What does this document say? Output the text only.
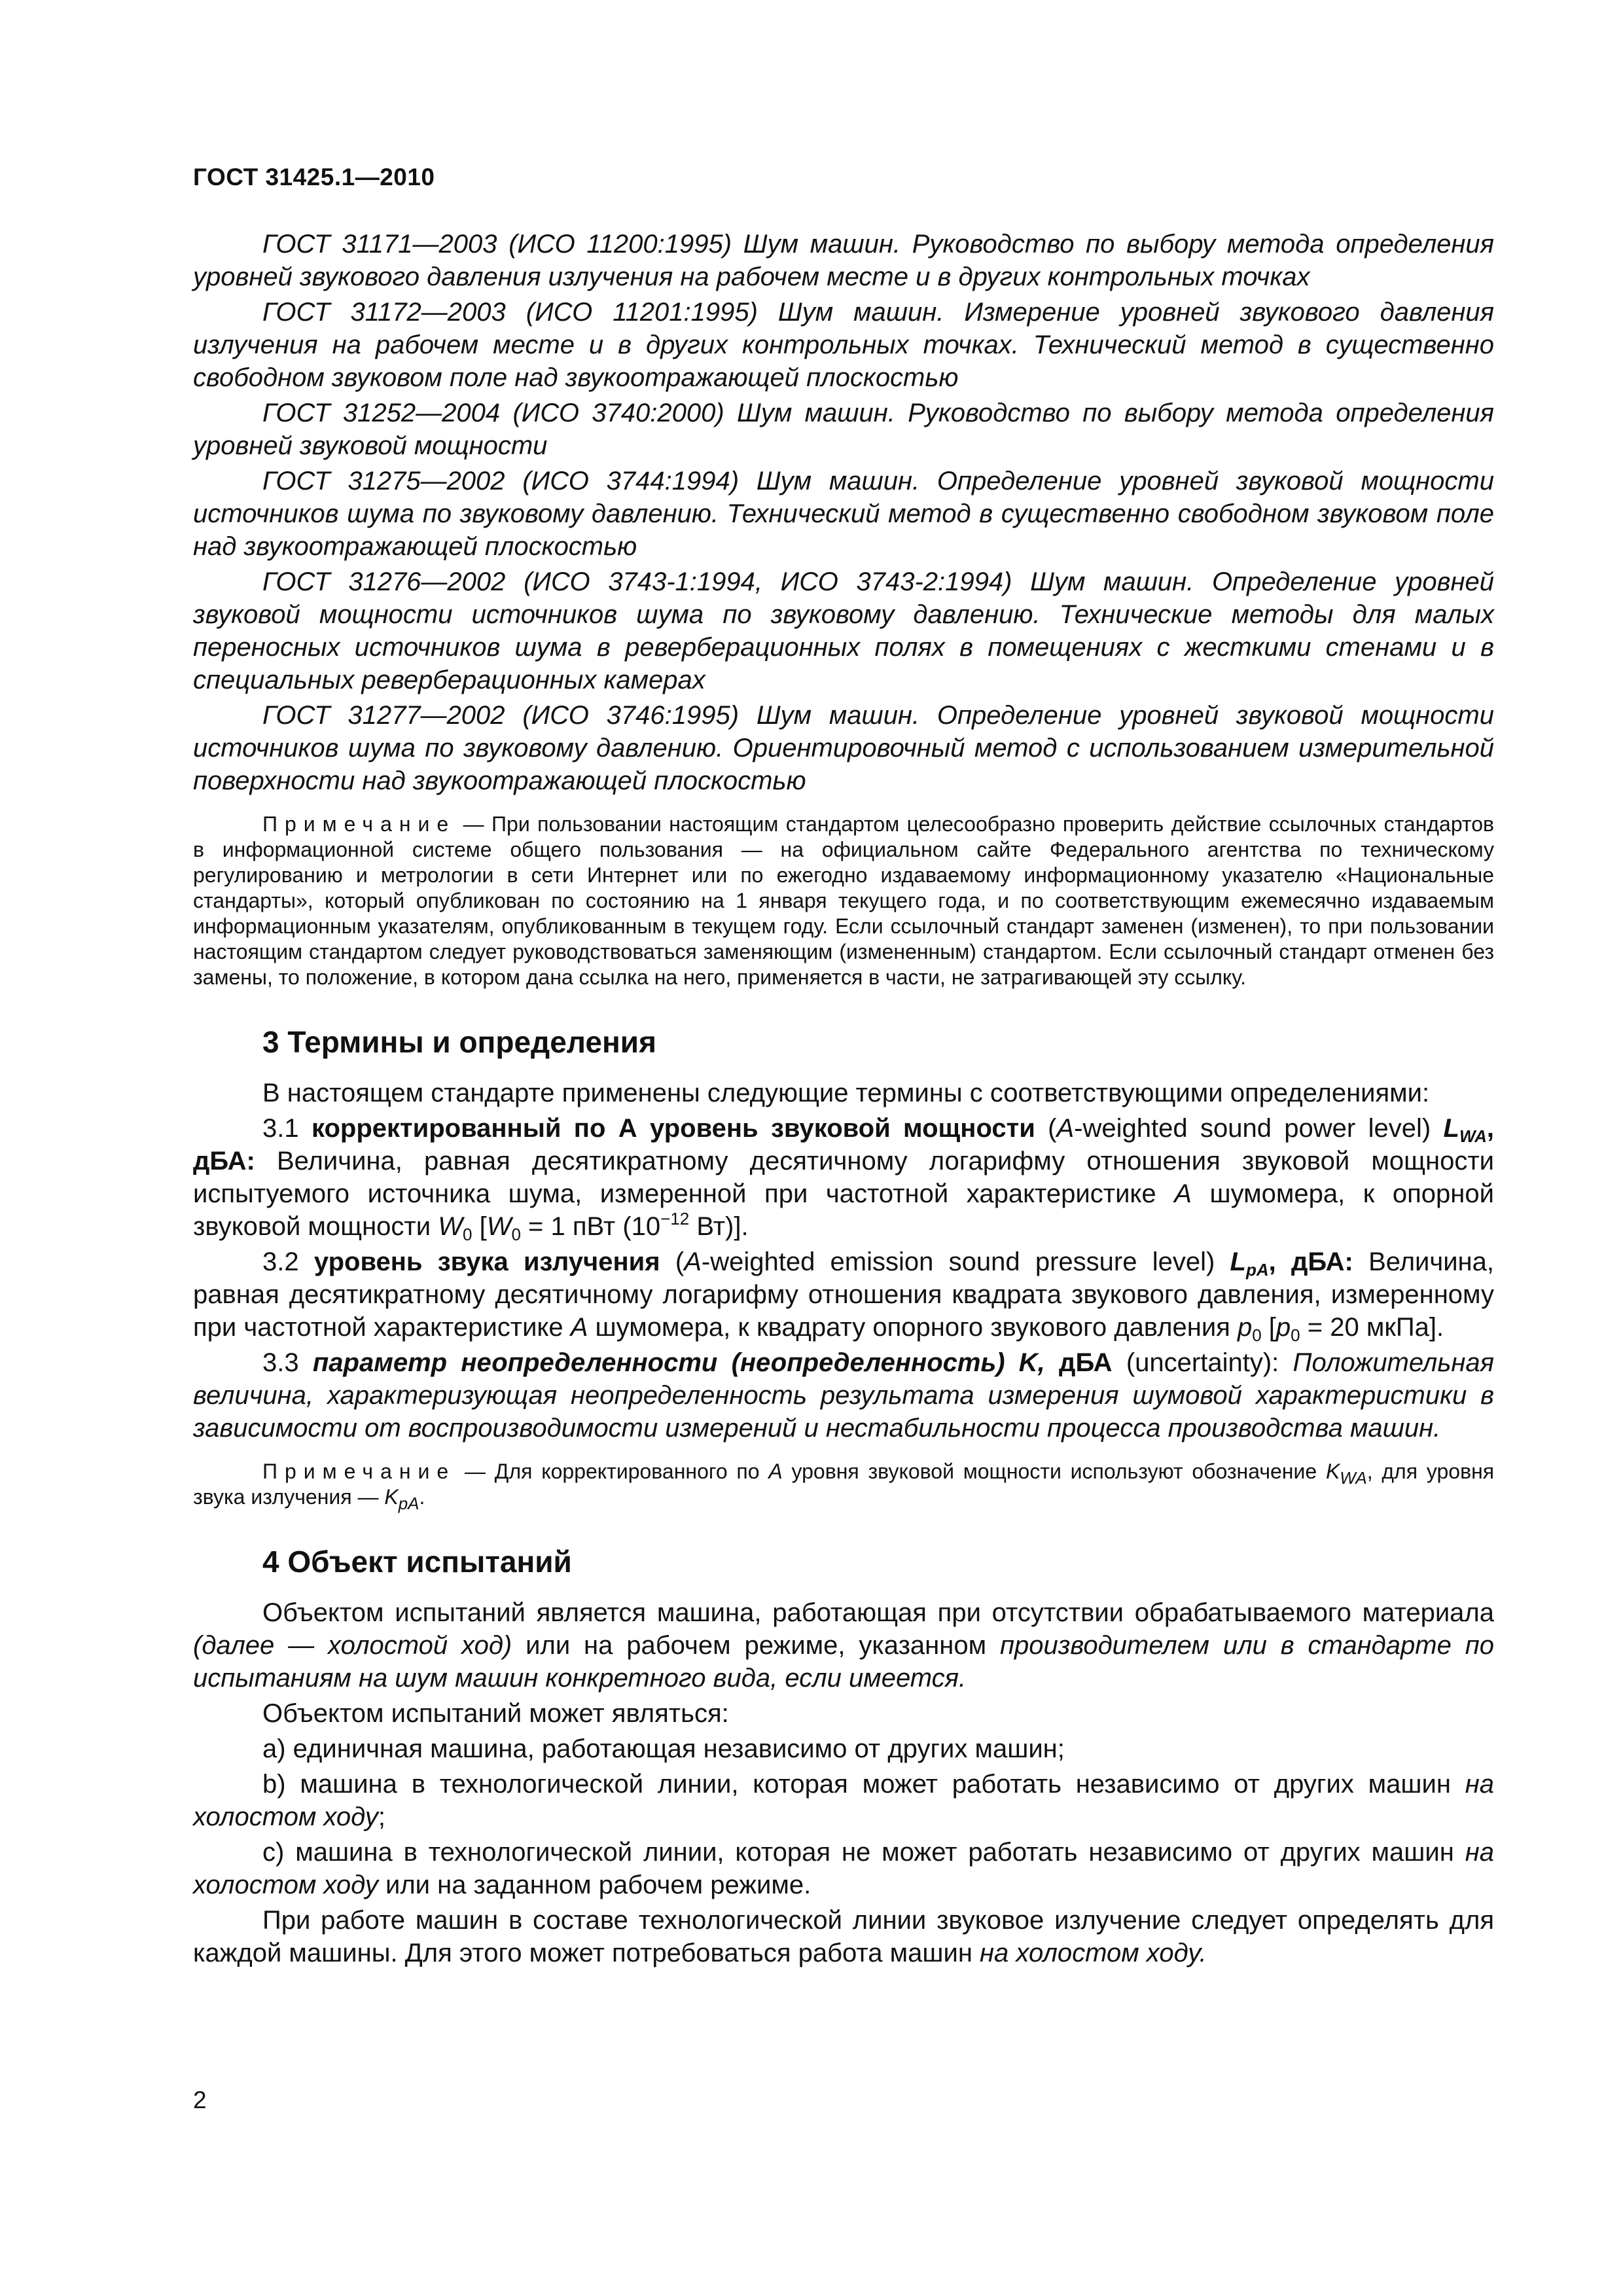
ГОСТ 31425.1—2010

ГОСТ 31171—2003 (ИСО 11200:1995) Шум машин. Руководство по выбору метода определения уровней звукового давления излучения на рабочем месте и в других контрольных точках

ГОСТ 31172—2003 (ИСО 11201:1995) Шум машин. Измерение уровней звукового давления излучения на рабочем месте и в других контрольных точках. Технический метод в существенно свободном звуковом поле над звукоотражающей плоскостью

ГОСТ 31252—2004 (ИСО 3740:2000) Шум машин. Руководство по выбору метода определения уровней звуковой мощности

ГОСТ 31275—2002 (ИСО 3744:1994) Шум машин. Определение уровней звуковой мощности источников шума по звуковому давлению. Технический метод в существенно свободном звуковом поле над звукоотражающей плоскостью

ГОСТ 31276—2002 (ИСО 3743-1:1994, ИСО 3743-2:1994) Шум машин. Определение уровней звуковой мощности источников шума по звуковому давлению. Технические методы для малых переносных источников шума в реверберационных полях в помещениях с жесткими стенами и в специальных реверберационных камерах

ГОСТ 31277—2002 (ИСО 3746:1995) Шум машин. Определение уровней звуковой мощности источников шума по звуковому давлению. Ориентировочный метод с использованием измерительной поверхности над звукоотражающей плоскостью

Примечание — При пользовании настоящим стандартом целесообразно проверить действие ссылочных стандартов в информационной системе общего пользования — на официальном сайте Федерального агентства по техническому регулированию и метрологии в сети Интернет или по ежегодно издаваемому информационному указателю «Национальные стандарты», который опубликован по состоянию на 1 января текущего года, и по соответствующим ежемесячно издаваемым информационным указателям, опубликованным в текущем году. Если ссылочный стандарт заменен (изменен), то при пользовании настоящим стандартом следует руководствоваться заменяющим (измененным) стандартом. Если ссылочный стандарт отменен без замены, то положение, в котором дана ссылка на него, применяется в части, не затрагивающей эту ссылку.

3 Термины и определения

В настоящем стандарте применены следующие термины с соответствующими определениями:

3.1 корректированный по А уровень звуковой мощности (A-weighted sound power level) $L_{WA}$, дБА: Величина, равная десятикратному десятичному логарифму отношения звуковой мощности испытуемого источника шума, измеренной при частотной характеристике А шумомера, к опорной звуковой мощности $W_0$ [$W_0 = 1$ пВт ($10^{-12}$ Вт)].

3.2 уровень звука излучения (A-weighted emission sound pressure level) $L_{pA}$, дБА: Величина, равная десятикратному десятичному логарифму отношения квадрата звукового давления, измеренному при частотной характеристике А шумомера, к квадрату опорного звукового давления $p_0$ [$p_0 = 20$ мкПа].

3.3 параметр неопределенности (неопределенность) K, дБА (uncertainty): Положительная величина, характеризующая неопределенность результата измерения шумовой характеристики в зависимости от воспроизводимости измерений и нестабильности процесса производства машин.

Примечание — Для корректированного по А уровня звуковой мощности используют обозначение $K_{WA}$, для уровня звука излучения — $K_{pA}$.

4 Объект испытаний

Объектом испытаний является машина, работающая при отсутствии обрабатываемого материала (далее — холостой ход) или на рабочем режиме, указанном производителем или в стандарте по испытаниям на шум машин конкретного вида, если имеется.

Объектом испытаний может являться:

a) единичная машина, работающая независимо от других машин;

b) машина в технологической линии, которая может работать независимо от других машин на холостом ходу;

c) машина в технологической линии, которая не может работать независимо от других машин на холостом ходу или на заданном рабочем режиме.

При работе машин в составе технологической линии звуковое излучение следует определять для каждой машины. Для этого может потребоваться работа машин на холостом ходу.

2
